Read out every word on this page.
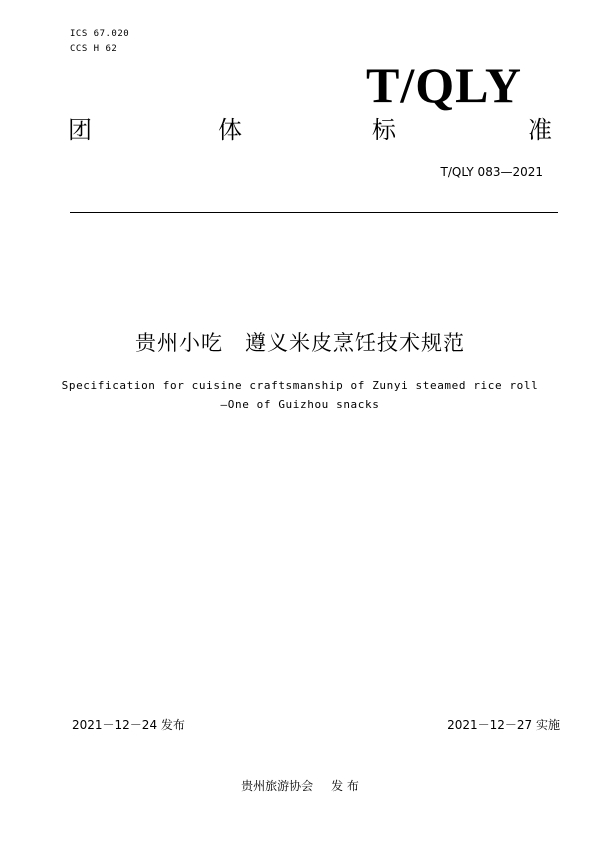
ICS 67.020
CCS H 62
T/QLY
团	体	标	准
T/QLY 083—2021
贵州小吃 遵义米皮烹饪技术规范
Specification for cuisine craftsmanship of Zunyi steamed rice roll
—One of Guizhou snacks
2021－12－24 发布	2021－12－27 实施
贵州旅游协会 发 布
